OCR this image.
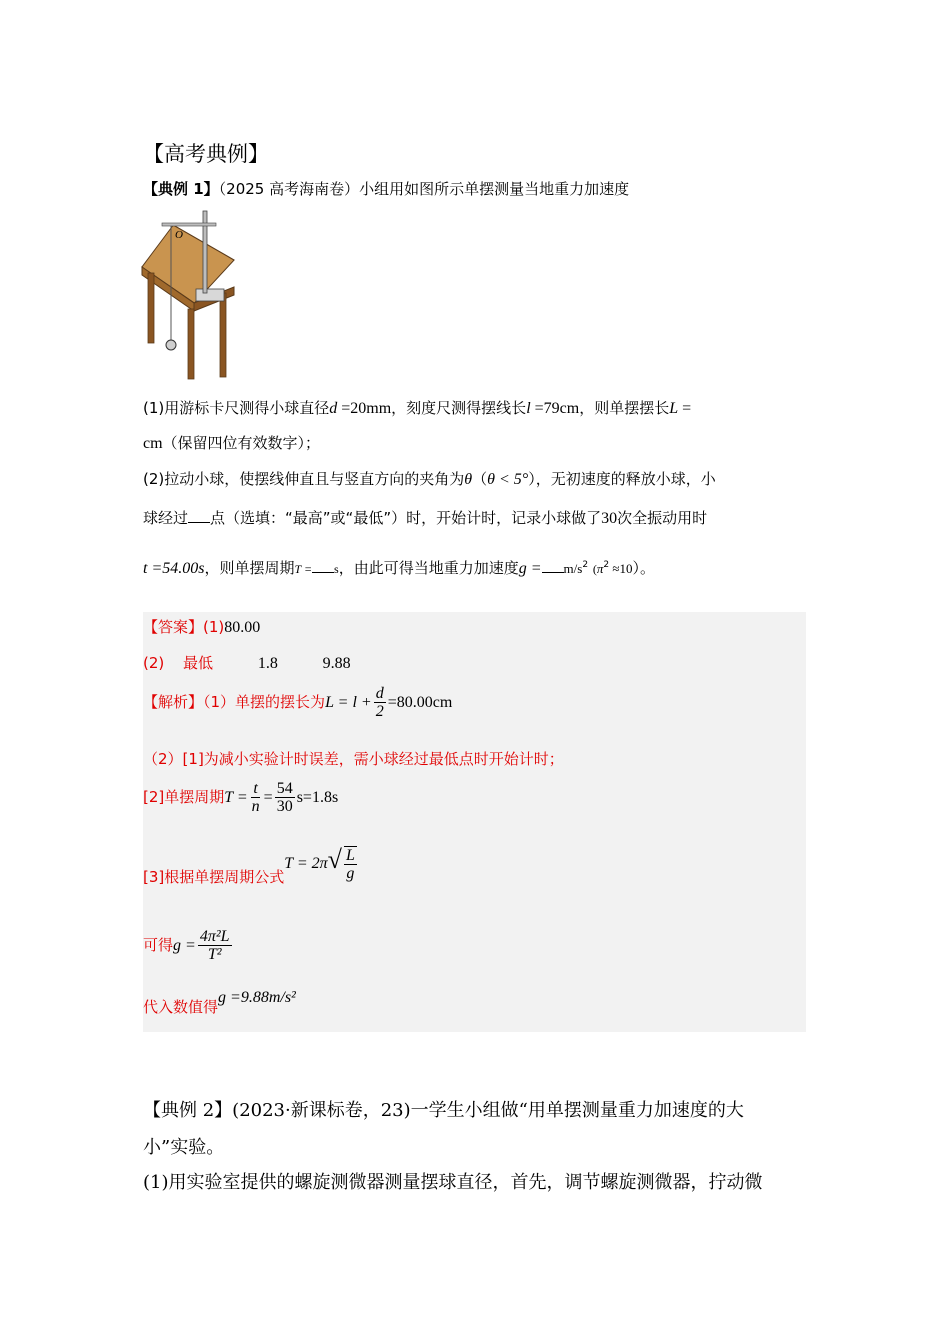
【高考典例】
【典例 1】（2025 高考海南卷）小组用如图所示单摆测量当地重力加速度
O
(1)用游标卡尺测得小球直径d =20mm，刻度尺测得摆线长l =79cm，则单摆摆长L =
cm（保留四位有效数字）；
(2)拉动小球，使摆线伸直且与竖直方向的夹角为θ（θ < 5°），无初速度的释放小球，小
球经过 点（选填：“最高”或“最低”）时，开始计时，记录小球做了30次全振动用时
t =54.00s，则单摆周期T = s，由此可得当地重力加速度$g = m/s^2$ $(\pi^2 \approx 10)$。
【答案】(1)80.00
(2) 最低	1.8	9.88
【解析】（1）单摆的摆长为$L = l + \frac{d}{2} =80.00cm$
（2）[1]为减小实验计时误差，需小球经过最低点时开始计时；
[2]单摆周期$T = \frac{t}{n} = \frac{54}{30} s=1.8s$
[3]根据单摆周期公式$T = 2\pi√ \frac{L}{g}$
可得$g = \frac{\text{4π²L}}{\text{T²}}$
代入数值得g =9.88m/s²
【典例 2】(2023·新课标卷，23)一学生小组做“用单摆测量重力加速度的大
小”实验。
(1)用实验室提供的螺旋测微器测量摆球直径，首先，调节螺旋测微器，拧动微
